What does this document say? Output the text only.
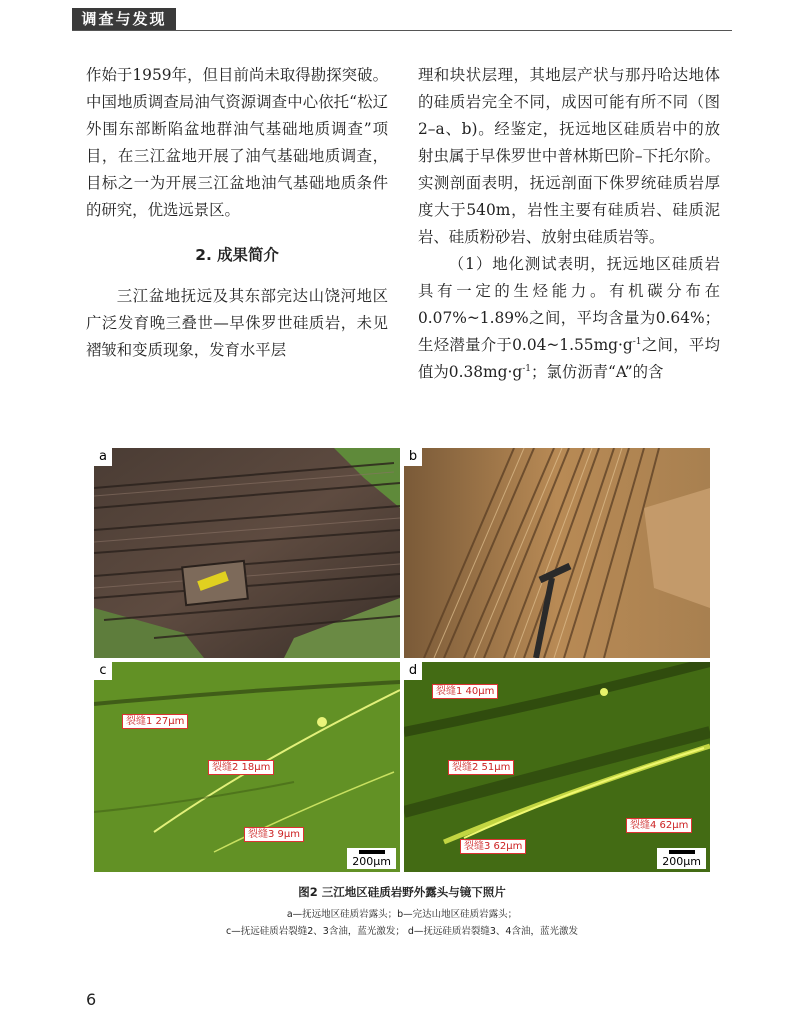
调查与发现

作始于1959年，但目前尚未取得勘探突破。中国地质调查局油气资源调查中心依托“松辽外围东部断陷盆地群油气基础地质调查”项目，在三江盆地开展了油气基础地质调查，目标之一为开展三江盆地油气基础地质条件的研究，优选远景区。

2. 成果简介

三江盆地抚远及其东部完达山饶河地区广泛发育晚三叠世—早侏罗世硅质岩，未见褶皱和变质现象，发育水平层

理和块状层理，其地层产状与那丹哈达地体的硅质岩完全不同，成因可能有所不同（图2–a、b)。经鉴定，抚远地区硅质岩中的放射虫属于早侏罗世中普林斯巴阶–下托尔阶。实测剖面表明，抚远剖面下侏罗统硅质岩厚度大于540m，岩性主要有硅质岩、硅质泥岩、硅质粉砂岩、放射虫硅质岩等。

（1）地化测试表明，抚远地区硅质岩具有一定的生烃能力。有机碳分布在0.07%~1.89%之间，平均含量为0.64%；生烃潜量介于$0.04\sim 1.55mg\cdot g^{-1}$之间，平均值为$0.38mg\cdot g^{-1}$；氯仿沥青“A”的含

a	b
c
裂缝1 27μm
裂缝2 18μm
裂缝3 9μm
200μm
d
裂缝1 40μm
裂缝2 51μm
裂缝3 62μm
裂缝4 62μm
200μm
图2 三江地区硅质岩野外露头与镜下照片
a—抚远地区硅质岩露头；b—完达山地区硅质岩露头；
c—抚远硅质岩裂缝2、3含油，蓝光激发； d—抚远硅质岩裂缝3、4含油，蓝光激发
6
